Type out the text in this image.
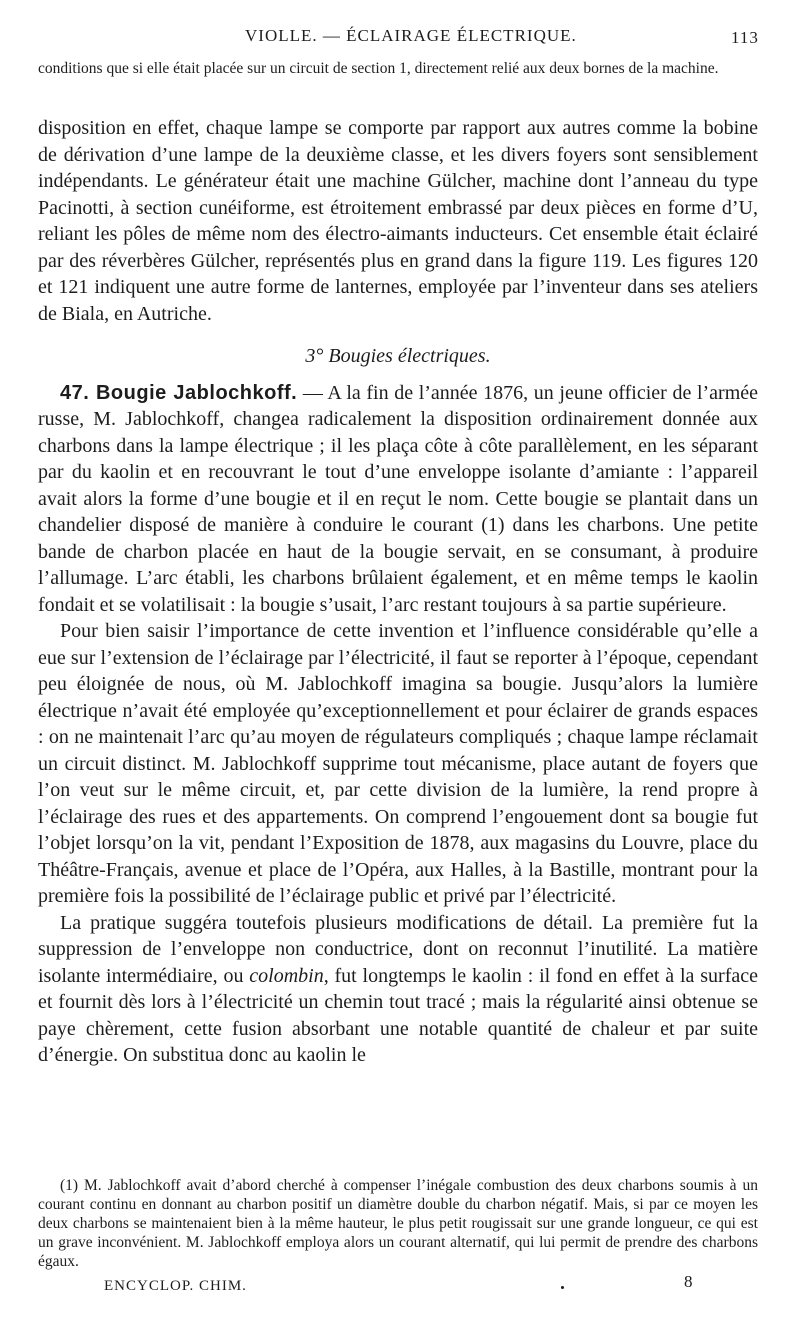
VIOLLE. — ÉCLAIRAGE ÉLECTRIQUE.	113
conditions que si elle était placée sur un circuit de section 1, directement relié aux deux bornes de la machine.

disposition en effet, chaque lampe se comporte par rapport aux autres comme la bobine de dérivation d’une lampe de la deuxième classe, et les divers foyers sont sensiblement indépendants. Le générateur était une machine Gülcher, machine dont l’anneau du type Pacinotti, à section cunéiforme, est étroitement embrassé par deux pièces en forme d’U, reliant les pôles de même nom des électro-aimants inducteurs. Cet ensemble était éclairé par des réverbères Gülcher, représentés plus en grand dans la figure 119. Les figures 120 et 121 indiquent une autre forme de lanternes, employée par l’inventeur dans ses ateliers de Biala, en Autriche.

3° Bougies électriques.

47. Bougie Jablochkoff. — A la fin de l’année 1876, un jeune officier de l’armée russe, M. Jablochkoff, changea radicalement la disposition ordinairement donnée aux charbons dans la lampe électrique ; il les plaça côte à côte parallèlement, en les séparant par du kaolin et en recouvrant le tout d’une enveloppe isolante d’amiante : l’appareil avait alors la forme d’une bougie et il en reçut le nom. Cette bougie se plantait dans un chandelier disposé de manière à conduire le courant (1) dans les charbons. Une petite bande de charbon placée en haut de la bougie servait, en se consumant, à produire l’allumage. L’arc établi, les charbons brûlaient également, et en même temps le kaolin fondait et se volatilisait : la bougie s’usait, l’arc restant toujours à sa partie supérieure.

Pour bien saisir l’importance de cette invention et l’influence considérable qu’elle a eue sur l’extension de l’éclairage par l’électricité, il faut se reporter à l’époque, cependant peu éloignée de nous, où M. Jablochkoff imagina sa bougie. Jusqu’alors la lumière électrique n’avait été employée qu’exceptionnellement et pour éclairer de grands espaces : on ne maintenait l’arc qu’au moyen de régulateurs compliqués ; chaque lampe réclamait un circuit distinct. M. Jablochkoff supprime tout mécanisme, place autant de foyers que l’on veut sur le même circuit, et, par cette division de la lumière, la rend propre à l’éclairage des rues et des appartements. On comprend l’engouement dont sa bougie fut l’objet lorsqu’on la vit, pendant l’Exposition de 1878, aux magasins du Louvre, place du Théâtre-Français, avenue et place de l’Opéra, aux Halles, à la Bastille, montrant pour la première fois la possibilité de l’éclairage public et privé par l’électricité.

La pratique suggéra toutefois plusieurs modifications de détail. La première fut la suppression de l’enveloppe non conductrice, dont on reconnut l’inutilité. La matière isolante intermédiaire, ou colombin, fut longtemps le kaolin : il fond en effet à la surface et fournit dès lors à l’électricité un chemin tout tracé ; mais la régularité ainsi obtenue se paye chèrement, cette fusion absorbant une notable quantité de chaleur et par suite d’énergie. On substitua donc au kaolin le

(1) M. Jablochkoff avait d’abord cherché à compenser l’inégale combustion des deux charbons soumis à un courant continu en donnant au charbon positif un diamètre double du charbon négatif. Mais, si par ce moyen les deux charbons se maintenaient bien à la même hauteur, le plus petit rougissait sur une grande longueur, ce qui est un grave inconvénient. M. Jablochkoff employa alors un courant alternatif, qui lui permit de prendre des charbons égaux.

ENCYCLOP. CHIM.	8
